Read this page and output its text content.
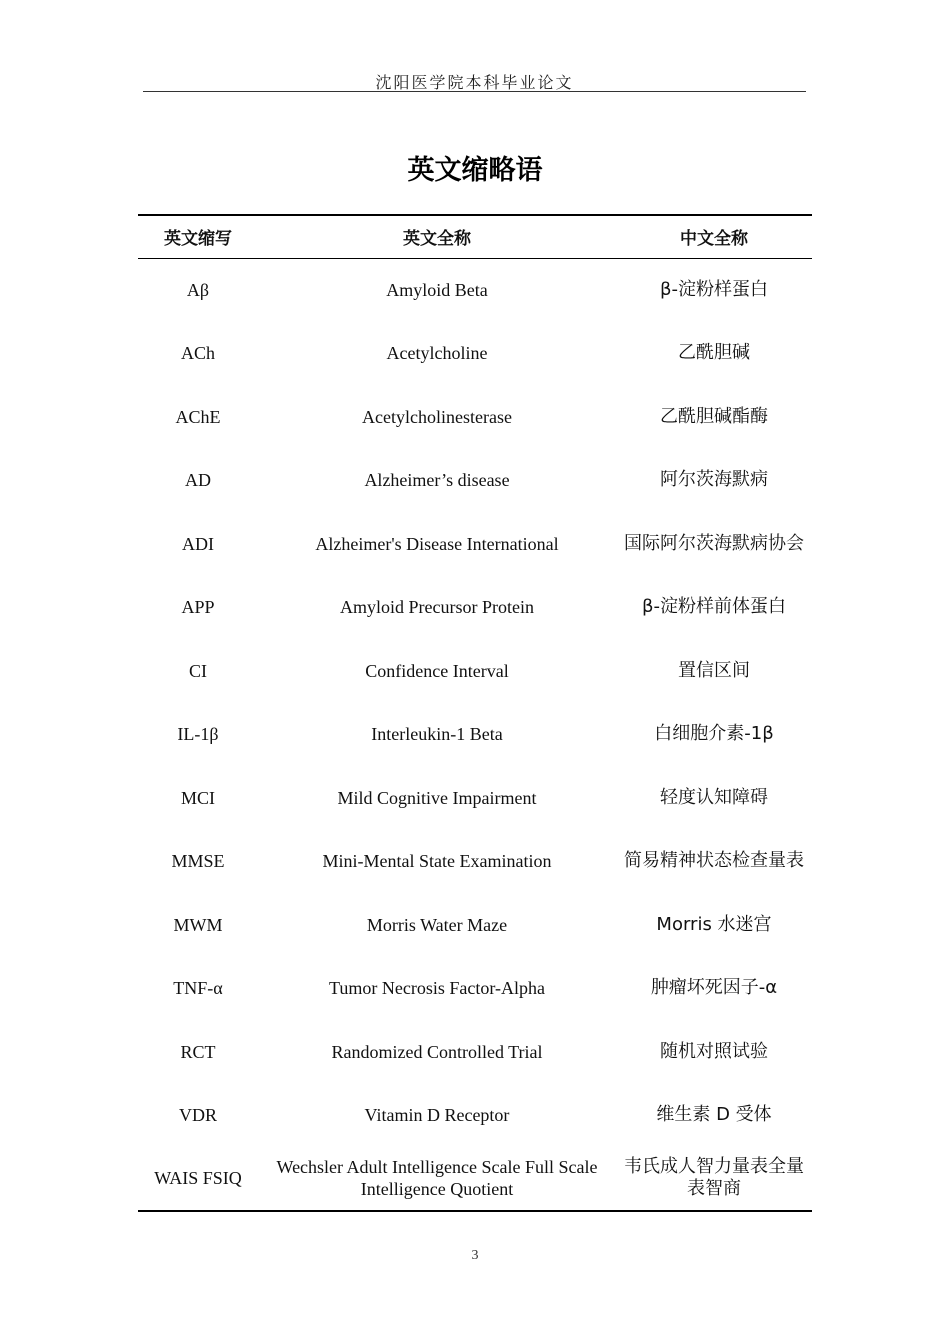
沈阳医学院本科毕业论文
英文缩略语
英文缩写	英文全称	中文全称
Aβ	Amyloid Beta	β-淀粉样蛋白
ACh	Acetylcholine	乙酰胆碱
AChE	Acetylcholinesterase	乙酰胆碱酯酶
AD	Alzheimer’s disease	阿尔茨海默病
ADI	Alzheimer's Disease International	国际阿尔茨海默病协会
APP	Amyloid Precursor Protein	β-淀粉样前体蛋白
CI	Confidence Interval	置信区间
IL-1β	Interleukin-1 Beta	白细胞介素-1β
MCI	Mild Cognitive Impairment	轻度认知障碍
MMSE	Mini-Mental State Examination	简易精神状态检查量表
MWM	Morris Water Maze	Morris 水迷宫
TNF-α	Tumor Necrosis Factor-Alpha	肿瘤坏死因子-α
RCT	Randomized Controlled Trial	随机对照试验
VDR	Vitamin D Receptor	维生素 D 受体
WAIS FSIQ	Wechsler Adult Intelligence Scale Full Scale Intelligence Quotient	韦氏成人智力量表全量表智商
3
